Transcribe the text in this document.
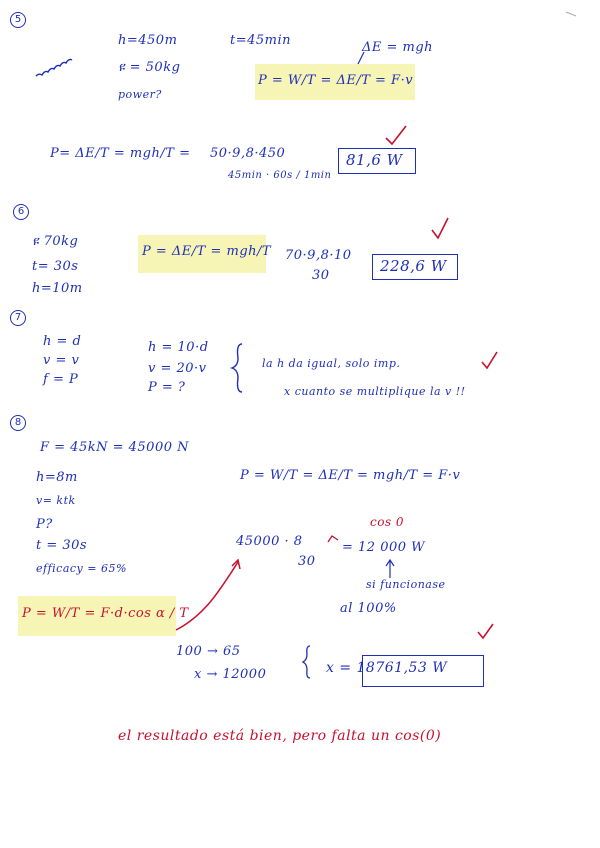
5
h=450m	t=45min	ΔE = mgh
ዩ = 50kg
P = W/T = ΔE/T = F·v
power?
P= ΔE/T = mgh/T = 50·9,8·450
45min · 60s / 1min
81,6 W
6
ዩ 70kg
P = ΔE/T = mgh/T 70·9,8·10
30
228,6 W
t= 30s
h=10m
7
h = d	h = 10·d
v = v
v = 20·v	la h da igual, solo imp.
f = P
P = ?	x cuanto se multiplique la v !!
8
F = 45kN = 45000 N
P = W/T = ΔE/T = mgh/T = F·v
h=8m
v= ktk
P?	cos 0
45000 · 8
t = 30s	= 12 000 W
30
efficacy = 65%
si funcionase
al 100%
P = W/T = F·d·cos α / T
100 → 65
x → 12000	x = 18761,53 W
el resultado está bien, pero falta un cos(0)
